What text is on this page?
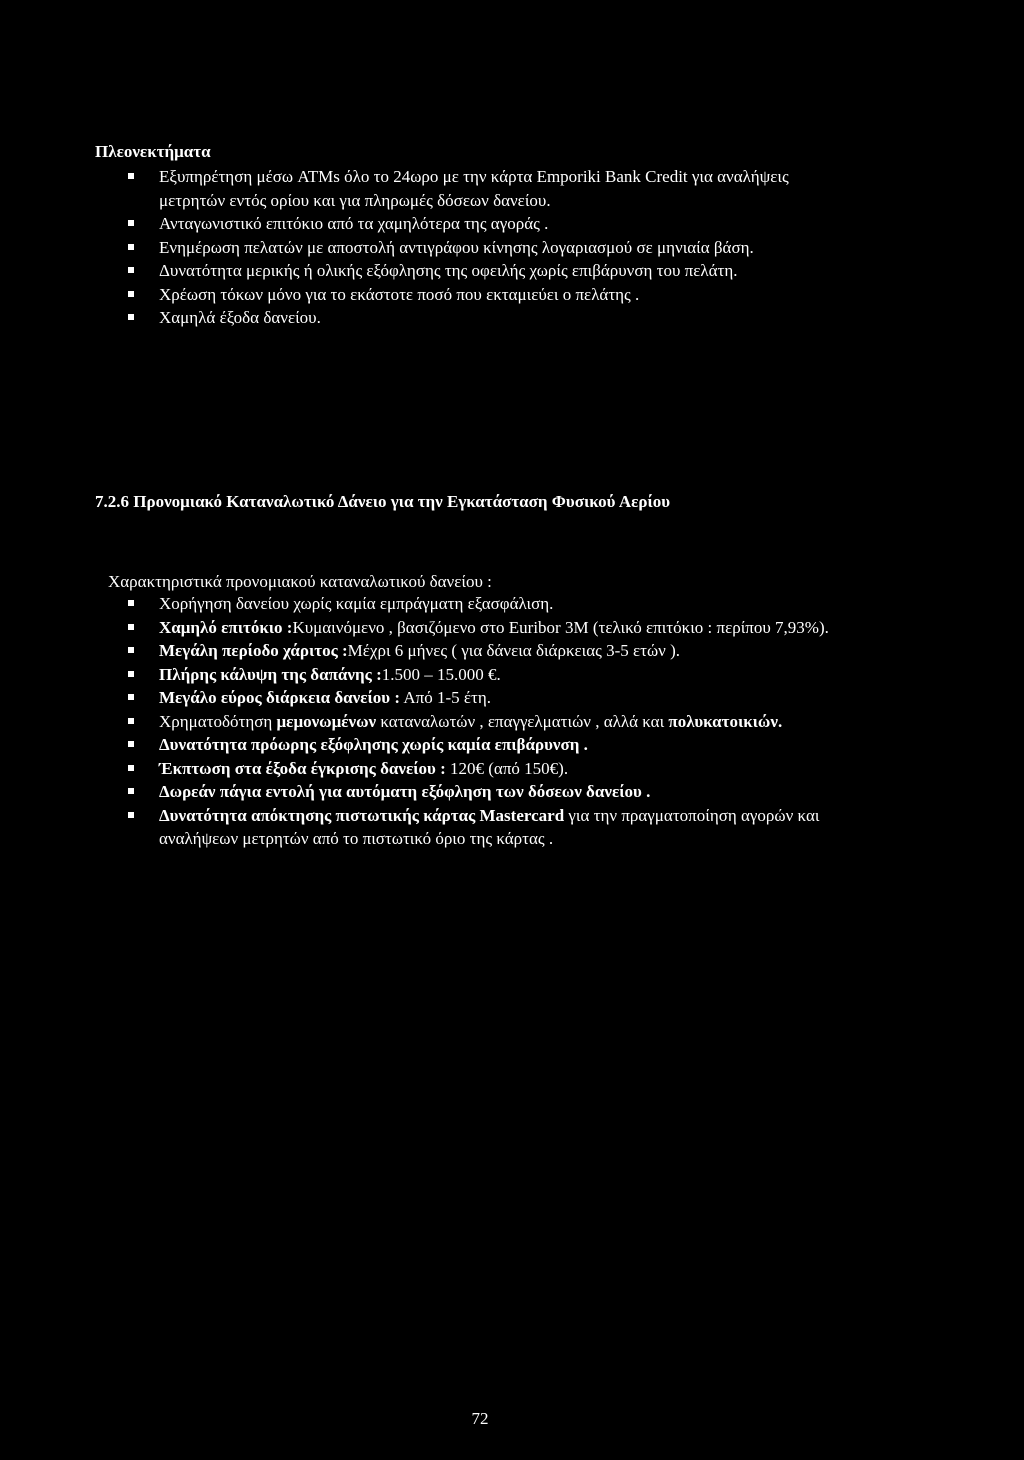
Πλεονεκτήματα
Εξυπηρέτηση μέσω ATMs όλο το 24ωρο με την κάρτα Emporiki Bank Credit για αναλήψεις μετρητών εντός ορίου και για πληρωμές δόσεων δανείου.
Ανταγωνιστικό επιτόκιο από τα χαμηλότερα της αγοράς .
Ενημέρωση πελατών με αποστολή αντιγράφου κίνησης λογαριασμού σε μηνιαία βάση.
Δυνατότητα μερικής ή ολικής εξόφλησης της οφειλής χωρίς επιβάρυνση του πελάτη.
Χρέωση τόκων μόνο για το εκάστοτε ποσό που εκταμιεύει ο πελάτης .
Χαμηλά έξοδα δανείου.
7.2.6 Προνομιακό Καταναλωτικό Δάνειο για την Εγκατάσταση Φυσικού Αερίου
Χαρακτηριστικά προνομιακού καταναλωτικού δανείου :
Χορήγηση δανείου χωρίς καμία εμπράγματη εξασφάλιση.
Χαμηλό επιτόκιο :Κυμαινόμενο , βασιζόμενο στο Euribor 3M (τελικό επιτόκιο : περίπου 7,93%).
Μεγάλη περίοδο χάριτος :Μέχρι 6 μήνες ( για δάνεια διάρκειας 3-5 ετών ).
Πλήρης κάλυψη της δαπάνης :1.500 – 15.000 €.
Μεγάλο εύρος διάρκεια δανείου : Από 1-5 έτη.
Χρηματοδότηση μεμονωμένων καταναλωτών , επαγγελματιών , αλλά και πολυκατοικιών.
Δυνατότητα πρόωρης εξόφλησης χωρίς καμία επιβάρυνση .
Έκπτωση στα έξοδα έγκρισης δανείου : 120€ (από 150€).
Δωρεάν πάγια εντολή για αυτόματη εξόφληση των δόσεων δανείου .
Δυνατότητα απόκτησης πιστωτικής κάρτας Mastercard για την πραγματοποίηση αγορών και αναλήψεων μετρητών από το πιστωτικό όριο της κάρτας .
72
